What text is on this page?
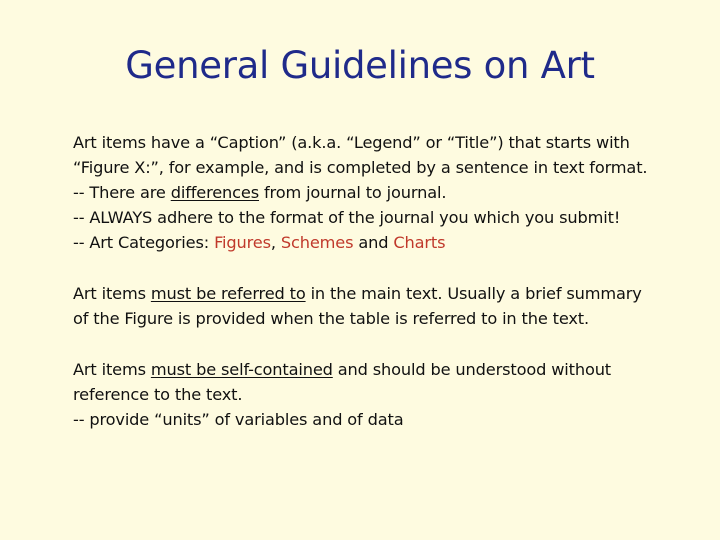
General Guidelines on Art

Art items have a “Caption” (a.k.a. “Legend” or “Title”) that starts with

“Figure X:”, for example, and is completed by a sentence in text format.

-- There are differences from journal to journal.

-- ALWAYS adhere to the format of the journal you which you submit!

-- Art Categories: Figures, Schemes and Charts

Art items must be referred to in the main text. Usually a brief summary

of the Figure is provided when the table is referred to in the text.

Art items must be self-contained and should be understood without

reference to the text.

-- provide “units” of variables and of data
